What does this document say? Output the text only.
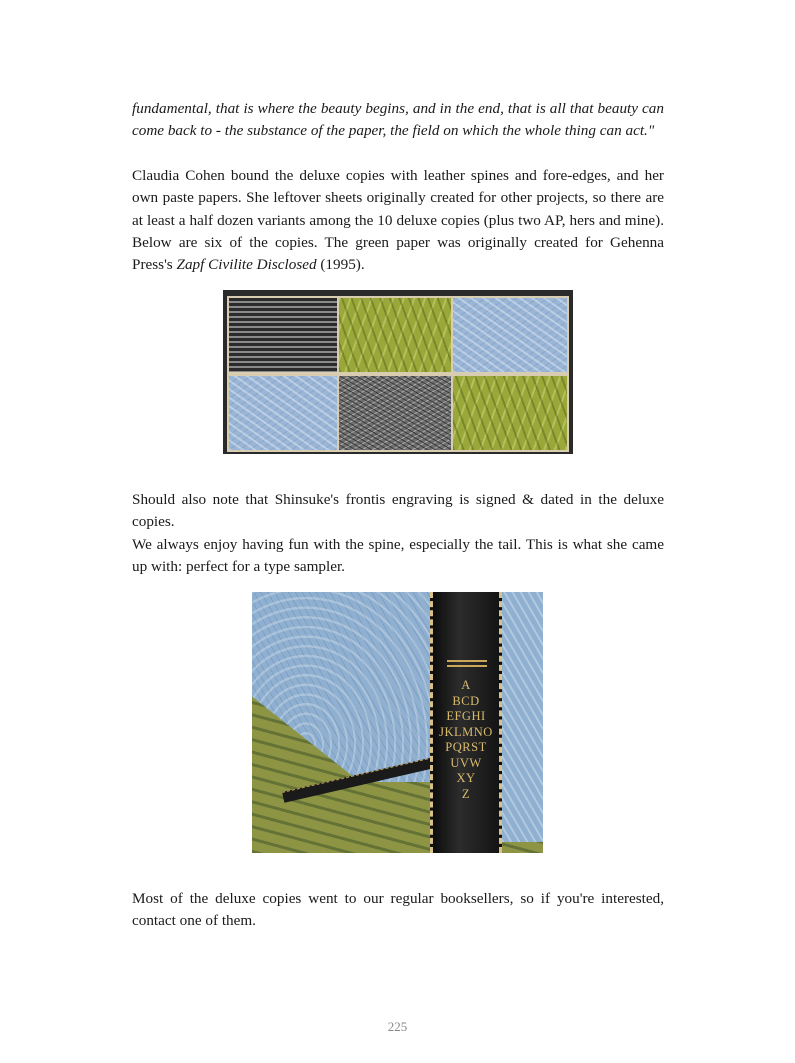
fundamental, that is where the beauty begins, and in the end, that is all that beauty can come back to - the substance of the paper, the field on which the whole thing can act."

Claudia Cohen bound the deluxe copies with leather spines and fore-edges, and her own paste papers. She leftover sheets originally created for other projects, so there are at least a half dozen variants among the 10 deluxe copies (plus two AP, hers and mine). Below are six of the copies. The green paper was originally created for Gehenna Press's Zapf Civilite Disclosed (1995).

Should also note that Shinsuke's frontis engraving is signed & dated in the deluxe copies.

We always enjoy having fun with the spine, especially the tail. This is what she came up with: perfect for a type sampler.

A
BCD
EFGHI
JKLMNO
PQRST
UVW
XY
Z

Most of the deluxe copies went to our regular booksellers, so if you're interested, contact one of them.

225
